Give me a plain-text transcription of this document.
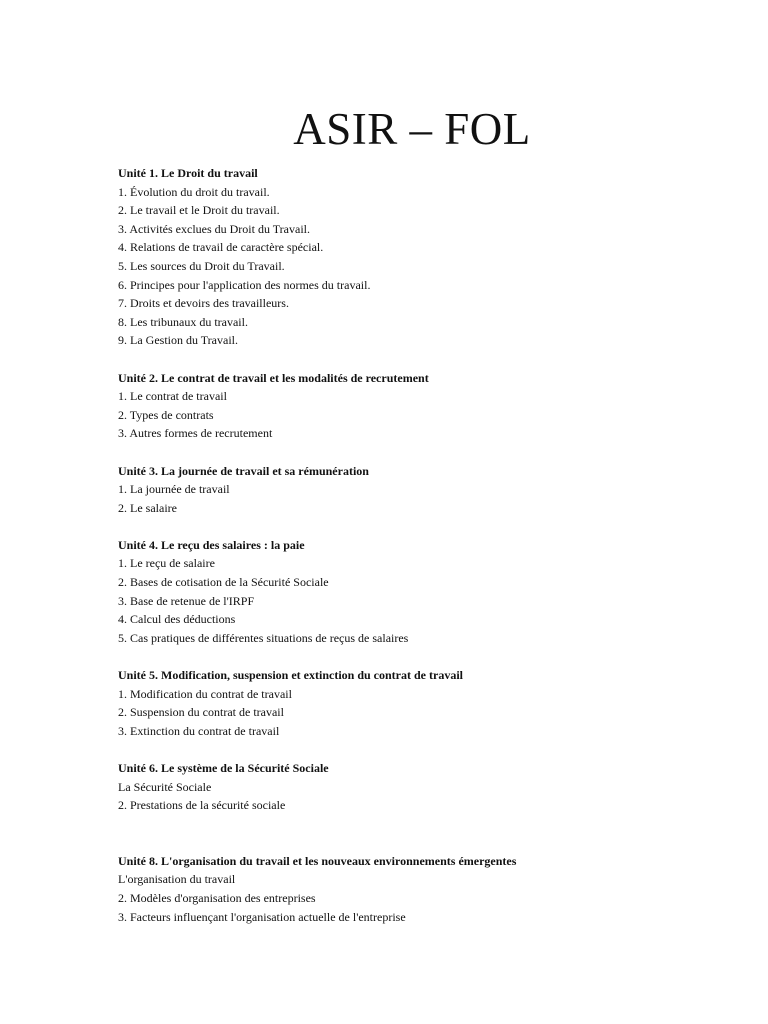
ASIR – FOL
Unité 1. Le Droit du travail
1. Évolution du droit du travail.
2. Le travail et le Droit du travail.
3. Activités exclues du Droit du Travail.
4. Relations de travail de caractère spécial.
5. Les sources du Droit du Travail.
6. Principes pour l'application des normes du travail.
7. Droits et devoirs des travailleurs.
8. Les tribunaux du travail.
9. La Gestion du Travail.
Unité 2. Le contrat de travail et les modalités de recrutement
1. Le contrat de travail
2. Types de contrats
3. Autres formes de recrutement
Unité 3. La journée de travail et sa rémunération
1. La journée de travail
2. Le salaire
Unité 4. Le reçu des salaires : la paie
1. Le reçu de salaire
2. Bases de cotisation de la Sécurité Sociale
3. Base de retenue de l'IRPF
4. Calcul des déductions
5. Cas pratiques de différentes situations de reçus de salaires
Unité 5. Modification, suspension et extinction du contrat de travail
1. Modification du contrat de travail
2. Suspension du contrat de travail
3. Extinction du contrat de travail
Unité 6. Le système de la Sécurité Sociale
La Sécurité Sociale
2. Prestations de la sécurité sociale
Unité 8. L'organisation du travail et les nouveaux environnements émergentes
L'organisation du travail
2. Modèles d'organisation des entreprises
3. Facteurs influençant l'organisation actuelle de l'entreprise
